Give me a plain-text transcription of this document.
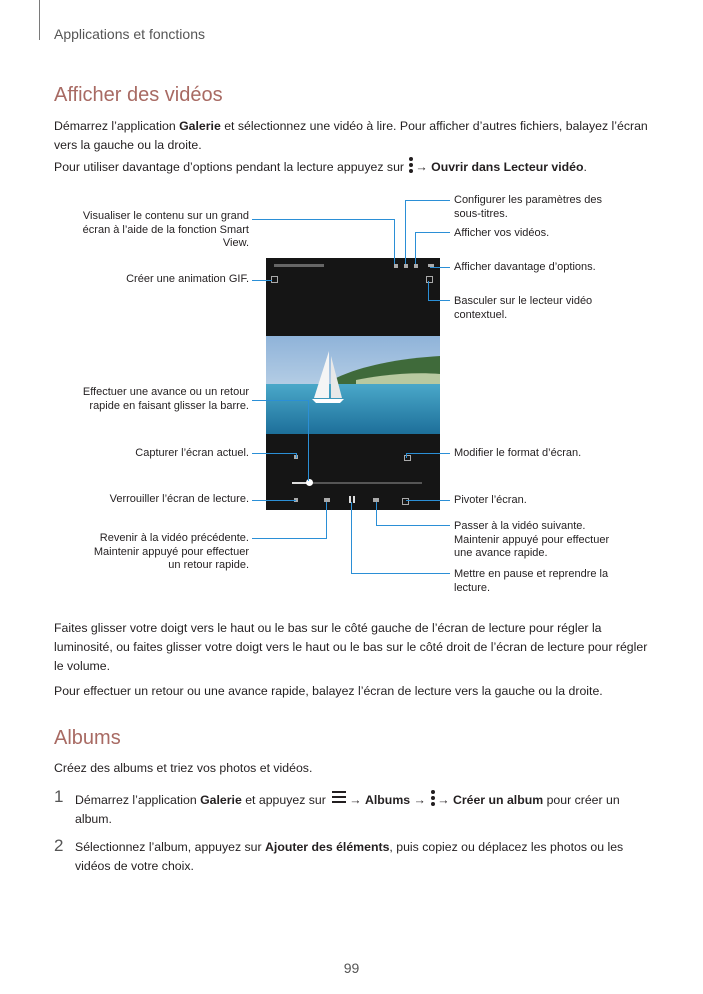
Applications et fonctions
Afficher des vidéos

Démarrez l’application Galerie et sélectionnez une vidéo à lire. Pour afficher d’autres fichiers, balayez l’écran
vers la gauche ou la droite.

Pour utiliser davantage d’options pendant la lecture appuyez sur
→ Ouvrir dans Lecteur vidéo.

Visualiser le contenu sur un grand
écran à l’aide de la fonction Smart
View.
Créer une animation GIF.
Effectuer une avance ou un retour
rapide en faisant glisser la barre.
Capturer l’écran actuel.
Verrouiller l’écran de lecture.
Revenir à la vidéo précédente.
Maintenir appuyé pour effectuer
un retour rapide.
Configurer les paramètres des
sous-titres.
Afficher vos vidéos.
Afficher davantage d’options.
Basculer sur le lecteur vidéo
contextuel.
Modifier le format d’écran.
Pivoter l’écran.
Passer à la vidéo suivante.
Maintenir appuyé pour effectuer
une avance rapide.
Mettre en pause et reprendre la
lecture.

Faites glisser votre doigt vers le haut ou le bas sur le côté gauche de l’écran de lecture pour régler la
luminosité, ou faites glisser votre doigt vers le haut ou le bas sur le côté droit de l’écran de lecture pour régler
le volume.

Pour effectuer un retour ou une avance rapide, balayez l’écran de lecture vers la gauche ou la droite.

Albums

Créez des albums et triez vos photos et vidéos.

1 Démarrez l’application Galerie et appuyez sur
→ Albums →
→ Créer un album pour créer un
album.

2 Sélectionnez l’album, appuyez sur Ajouter des éléments, puis copiez ou déplacez les photos ou les
vidéos de votre choix.

99
